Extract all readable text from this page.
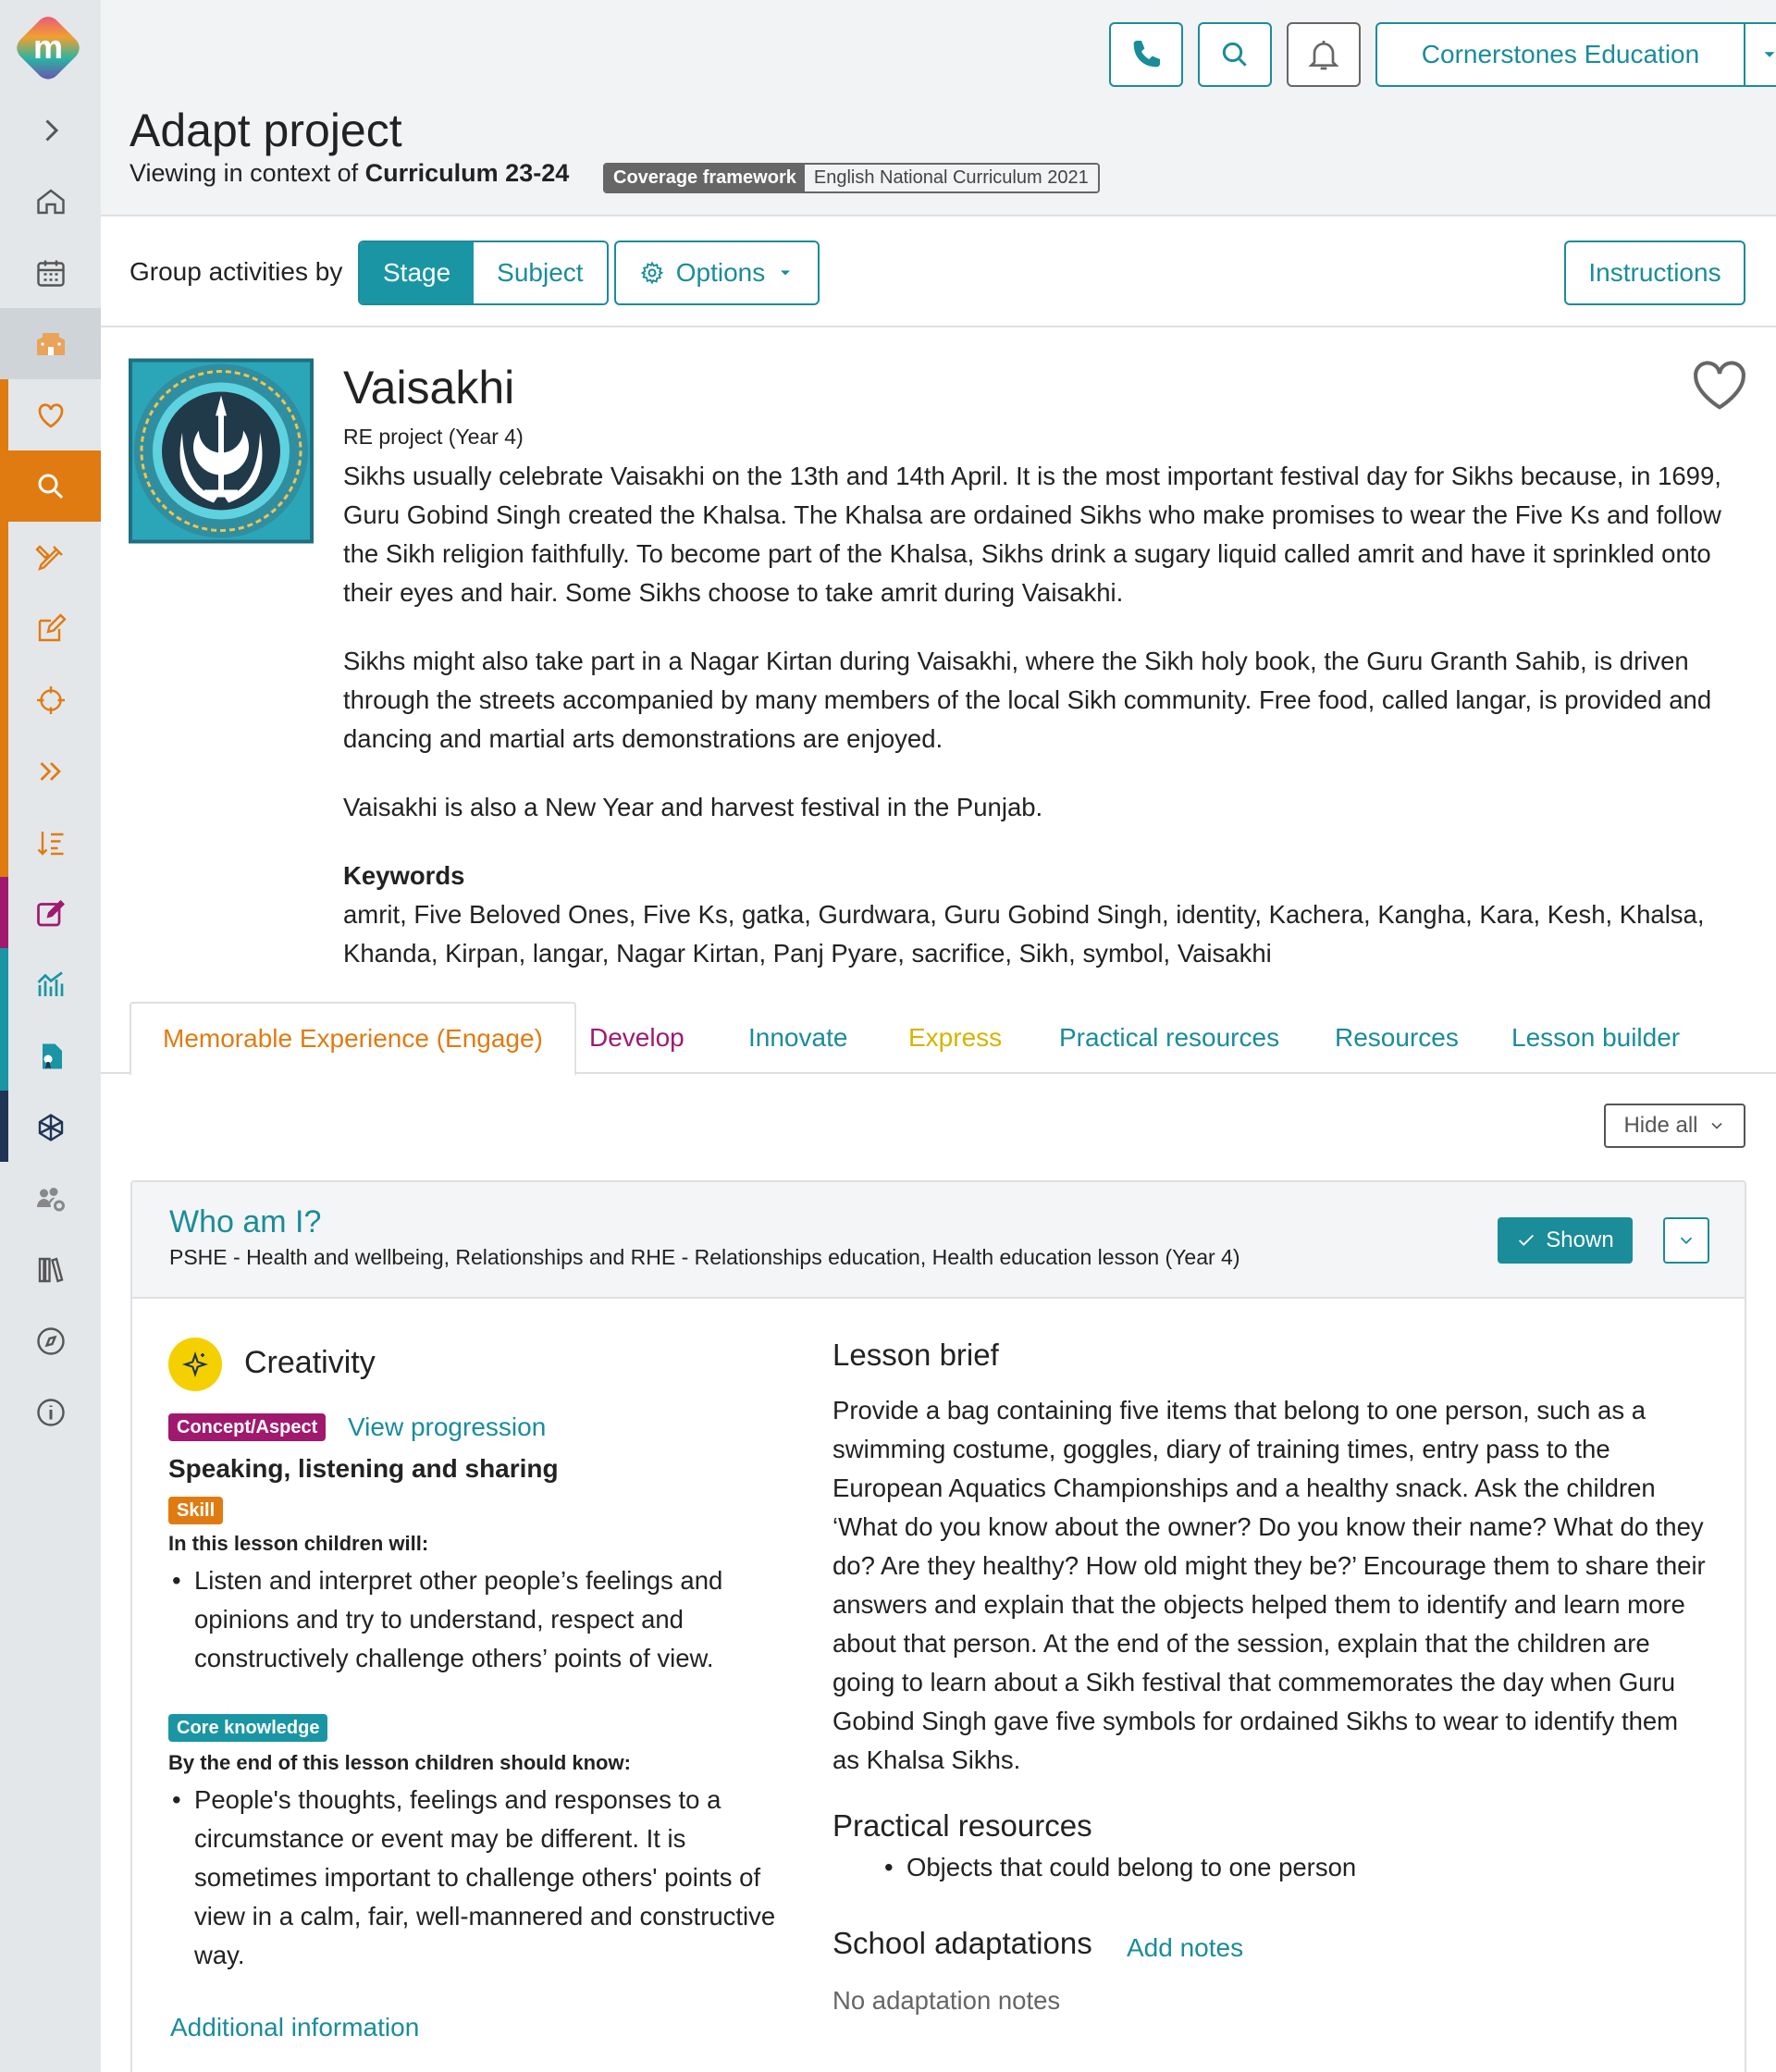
m	Cornerstones Education
Adapt project
Viewing in context of Curriculum 23-24	Coverage framework English National Curriculum 2021
Group activities by	Stage	Subject	Options	Instructions
Vaisakhi
RE project (Year 4)

Sikhs usually celebrate Vaisakhi on the 13th and 14th April. It is the most important festival day for Sikhs because, in 1699, Guru Gobind Singh created the Khalsa. The Khalsa are ordained Sikhs who make promises to wear the Five Ks and follow the Sikh religion faithfully. To become part of the Khalsa, Sikhs drink a sugary liquid called amrit and have it sprinkled onto their eyes and hair. Some Sikhs choose to take amrit during Vaisakhi.

Sikhs might also take part in a Nagar Kirtan during Vaisakhi, where the Sikh holy book, the Guru Granth Sahib, is driven through the streets accompanied by many members of the local Sikh community. Free food, called langar, is provided and dancing and martial arts demonstrations are enjoyed.

Vaisakhi is also a New Year and harvest festival in the Punjab.

Keywords
amrit, Five Beloved Ones, Five Ks, gatka, Gurdwara, Guru Gobind Singh, identity, Kachera, Kangha, Kara, Kesh, Khalsa, Khanda, Kirpan, langar, Nagar Kirtan, Panj Pyare, sacrifice, Sikh, symbol, Vaisakhi
Memorable Experience (Engage)	Develop	Innovate	Express	Practical resources	Resources	Lesson builder
Hide all
Who am I?
PSHE - Health and wellbeing, Relationships and RHE - Relationships education, Health education lesson (Year 4)
Shown
Creativity
Concept/Aspect	View progression
Speaking, listening and sharing
Skill
In this lesson children will:
• Listen and interpret other people’s feelings and opinions and try to understand, respect and constructively challenge others’ points of view.
Core knowledge
By the end of this lesson children should know:
• People's thoughts, feelings and responses to a circumstance or event may be different. It is sometimes important to challenge others' points of view in a calm, fair, well-mannered and constructive way.
Additional information
Lesson brief
Provide a bag containing five items that belong to one person, such as a swimming costume, goggles, diary of training times, entry pass to the European Aquatics Championships and a healthy snack. Ask the children ‘What do you know about the owner? Do you know their name? What do they do? Are they healthy? How old might they be?’ Encourage them to share their answers and explain that the objects helped them to identify and learn more about that person. At the end of the session, explain that the children are going to learn about a Sikh festival that commemorates the day when Guru Gobind Singh gave five symbols for ordained Sikhs to wear to identify them as Khalsa Sikhs.
Practical resources
• Objects that could belong to one person
School adaptations Add notes
No adaptation notes
